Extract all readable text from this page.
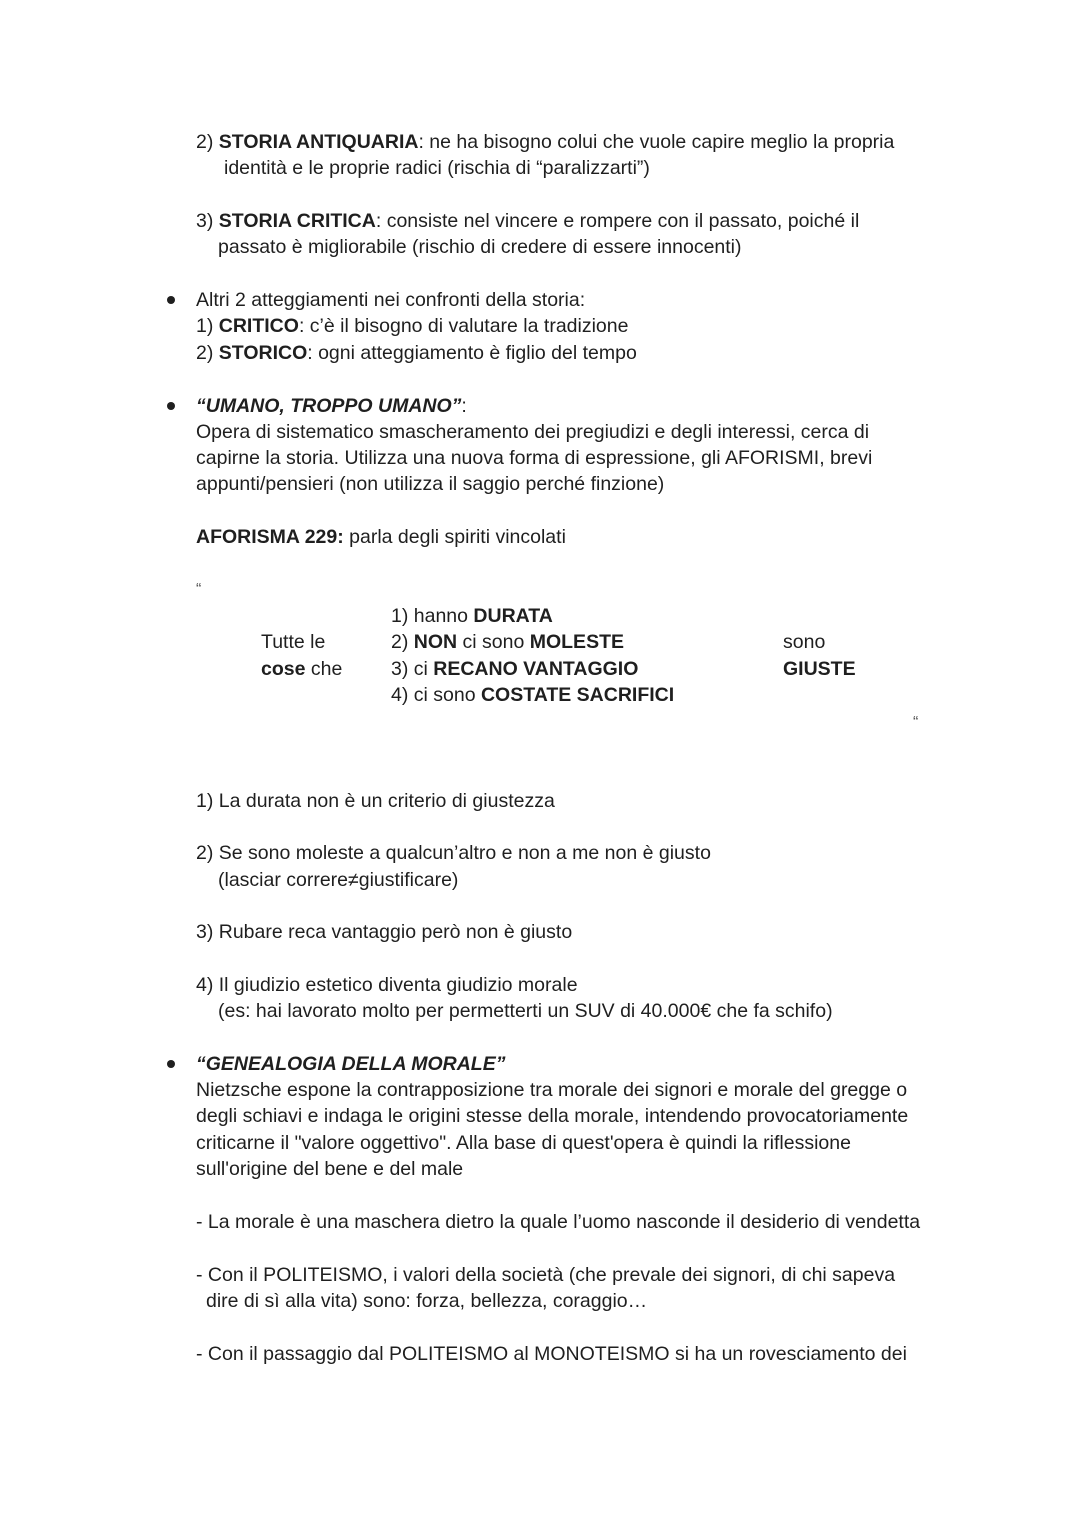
2) STORIA ANTIQUARIA: ne ha bisogno colui che vuole capire meglio la propria
identità e le proprie radici (rischia di “paralizzarti”)
3) STORIA CRITICA: consiste nel vincere e rompere con il passato, poiché il
passato è migliorabile (rischio di credere di essere innocenti)
Altri 2 atteggiamenti nei confronti della storia:
1) CRITICO: c’è il bisogno di valutare la tradizione
2) STORICO: ogni atteggiamento è figlio del tempo
“UMANO, TROPPO UMANO”:
Opera di sistematico smascheramento dei pregiudizi e degli interessi, cerca di
capirne la storia. Utilizza una nuova forma di espressione, gli AFORISMI, brevi
appunti/pensieri (non utilizza il saggio perché finzione)
AFORISMA 229: parla degli spiriti vincolati
“
Tutte le
cose che
1) hanno DURATA
2) NON ci sono MOLESTE
3) ci RECANO VANTAGGIO
4) ci sono COSTATE SACRIFICI
sono
GIUSTE
“
1) La durata non è un criterio di giustezza
2) Se sono moleste a qualcun’altro e non a me non è giusto
(lasciar correre≠giustificare)
3) Rubare reca vantaggio però non è giusto
4) Il giudizio estetico diventa giudizio morale
(es: hai lavorato molto per permetterti un SUV di 40.000€ che fa schifo)
“GENEALOGIA DELLA MORALE”
Nietzsche espone la contrapposizione tra morale dei signori e morale del gregge o
degli schiavi e indaga le origini stesse della morale, intendendo provocatoriamente
criticarne il "valore oggettivo". Alla base di quest'opera è quindi la riflessione
sull'origine del bene e del male
- La morale è una maschera dietro la quale l’uomo nasconde il desiderio di vendetta
- Con il POLITEISMO, i valori della società (che prevale dei signori, di chi sapeva
dire di sì alla vita) sono: forza, bellezza, coraggio…
- Con il passaggio dal POLITEISMO al MONOTEISMO si ha un rovesciamento dei
